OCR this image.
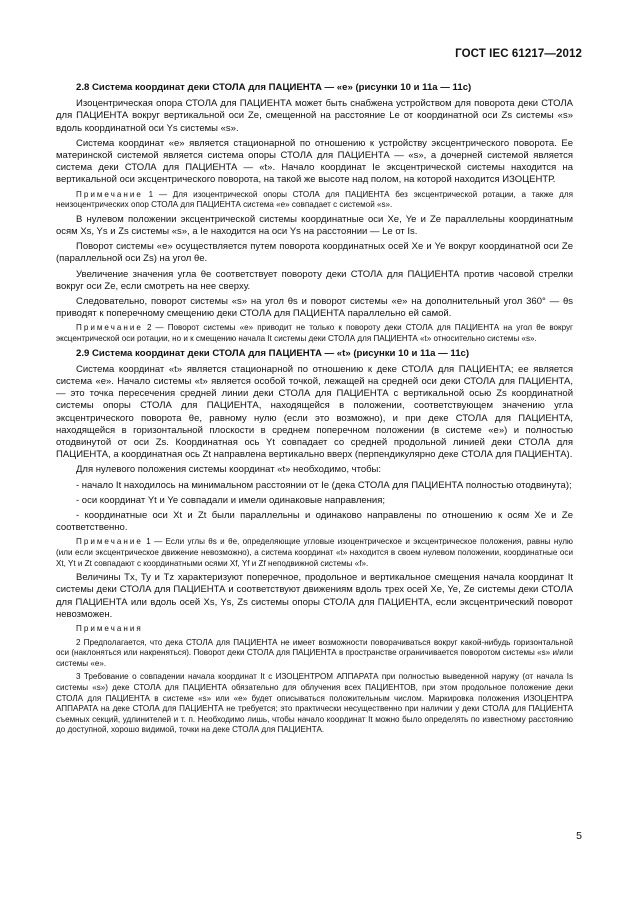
ГОСТ IEC 61217—2012
2.8 Система координат деки СТОЛА для ПАЦИЕНТА — «e» (рисунки 10 и 11а — 11c)

Изоцентрическая опора СТОЛА для ПАЦИЕНТА может быть снабжена устройством для поворота деки СТОЛА для ПАЦИЕНТА вокруг вертикальной оси Ze, смещенной на расстояние Le от координатной оси Zs системы «s» вдоль координатной оси Ys системы «s».

Система координат «e» является стационарной по отношению к устройству эксцентрического поворота. Ее материнской системой является система опоры СТОЛА для ПАЦИЕНТА — «s», а дочерней системой является система деки СТОЛА для ПАЦИЕНТА — «t». Начало координат Ie эксцентрической системы находится на вертикальной оси эксцентрического поворота, на такой же высоте над полом, на которой находится ИЗОЦЕНТР.

Примечание 1 — Для изоцентрической опоры СТОЛА для ПАЦИЕНТА без эксцентрической ротации, а также для неизоцентрических опор СТОЛА для ПАЦИЕНТА система «e» совпадает с системой «s».

В нулевом положении эксцентрической системы координатные оси Xe, Ye и Ze параллельны координатным осям Xs, Ys и Zs системы «s», а Ie находится на оси Ys на расстоянии — Le от Is.

Поворот системы «e» осуществляется путем поворота координатных осей Xe и Ye вокруг координатной оси Ze (параллельной оси Zs) на угол θe.

Увеличение значения угла θe соответствует повороту деки СТОЛА для ПАЦИЕНТА против часовой стрелки вокруг оси Ze, если смотреть на нее сверху.

Следовательно, поворот системы «s» на угол θs и поворот системы «e» на дополнительный угол 360° — θs приводят к поперечному смещению деки СТОЛА для ПАЦИЕНТА параллельно ей самой.

Примечание 2 — Поворот системы «e» приводит не только к повороту деки СТОЛА для ПАЦИЕНТА на угол θe вокруг эксцентрической оси ротации, но и к смещению начала It системы деки СТОЛА для ПАЦИЕНТА «t» относительно системы «s».

2.9 Система координат деки СТОЛА для ПАЦИЕНТА — «t» (рисунки 10 и 11а — 11c)

Система координат «t» является стационарной по отношению к деке СТОЛА для ПАЦИЕНТА; ее является система «e». Начало системы «t» является особой точкой, лежащей на средней оси деки СТОЛА для ПАЦИЕНТА, — это точка пересечения средней линии деки СТОЛА для ПАЦИЕНТА с вертикальной осью Zs координатной системы опоры СТОЛА для ПАЦИЕНТА, находящейся в положении, соответствующем значению угла эксцентрического поворота θe, равному нулю (если это возможно), и при деке СТОЛА для ПАЦИЕНТА, находящейся в горизонтальной плоскости в среднем поперечном положении (в системе «e») и полностью отодвинутой от оси Zs. Координатная ось Yt совпадает со средней продольной линией деки СТОЛА для ПАЦИЕНТА, а координатная ось Zt направлена вертикально вверх (перпендикулярно деке СТОЛА для ПАЦИЕНТА).

Для нулевого положения системы координат «t» необходимо, чтобы:

- начало It находилось на минимальном расстоянии от Ie (дека СТОЛА для ПАЦИЕНТА полностью отодвинута);

- оси координат Yt и Ye совпадали и имели одинаковые направления;

- координатные оси Xt и Zt были параллельны и одинаково направлены по отношению к осям Xe и Ze соответственно.

Примечание 1 — Если углы θs и θe, определяющие угловые изоцентрическое и эксцентрическое положения, равны нулю (или если эксцентрическое движение невозможно), а система координат «t» находится в своем нулевом положении, координатные оси Xt, Yt и Zt совпадают с координатными осями Xf, Yf и Zf неподвижной системы «f».

Величины Tx, Ty и Tz характеризуют поперечное, продольное и вертикальное смещения начала координат It системы деки СТОЛА для ПАЦИЕНТА и соответствуют движениям вдоль трех осей Xe, Ye, Ze системы деки СТОЛА для ПАЦИЕНТА или вдоль осей Xs, Ys, Zs системы опоры СТОЛА для ПАЦИЕНТА, если эксцентрический поворот невозможен.

Примечания

2 Предполагается, что дека СТОЛА для ПАЦИЕНТА не имеет возможности поворачиваться вокруг какой-нибудь горизонтальной оси (наклоняться или накреняться). Поворот деки СТОЛА для ПАЦИЕНТА в пространстве ограничивается поворотом системы «s» и/или системы «e».

3 Требование о совпадении начала координат It с ИЗОЦЕНТРОМ АППАРАТА при полностью выведенной наружу (от начала Is системы «s») деке СТОЛА для ПАЦИЕНТА обязательно для облучения всех ПАЦИЕНТОВ, при этом продольное положение деки СТОЛА для ПАЦИЕНТА в системе «s» или «e» будет описываться положительным числом. Маркировка положения ИЗОЦЕНТРА АППАРАТА на деке СТОЛА для ПАЦИЕНТА не требуется; это практически несущественно при наличии у деки СТОЛА для ПАЦИЕНТА съемных секций, удлинителей и т. п. Необходимо лишь, чтобы начало координат It можно было определять по известному расстоянию до доступной, хорошо видимой, точки на деке СТОЛА для ПАЦИЕНТА.

5
